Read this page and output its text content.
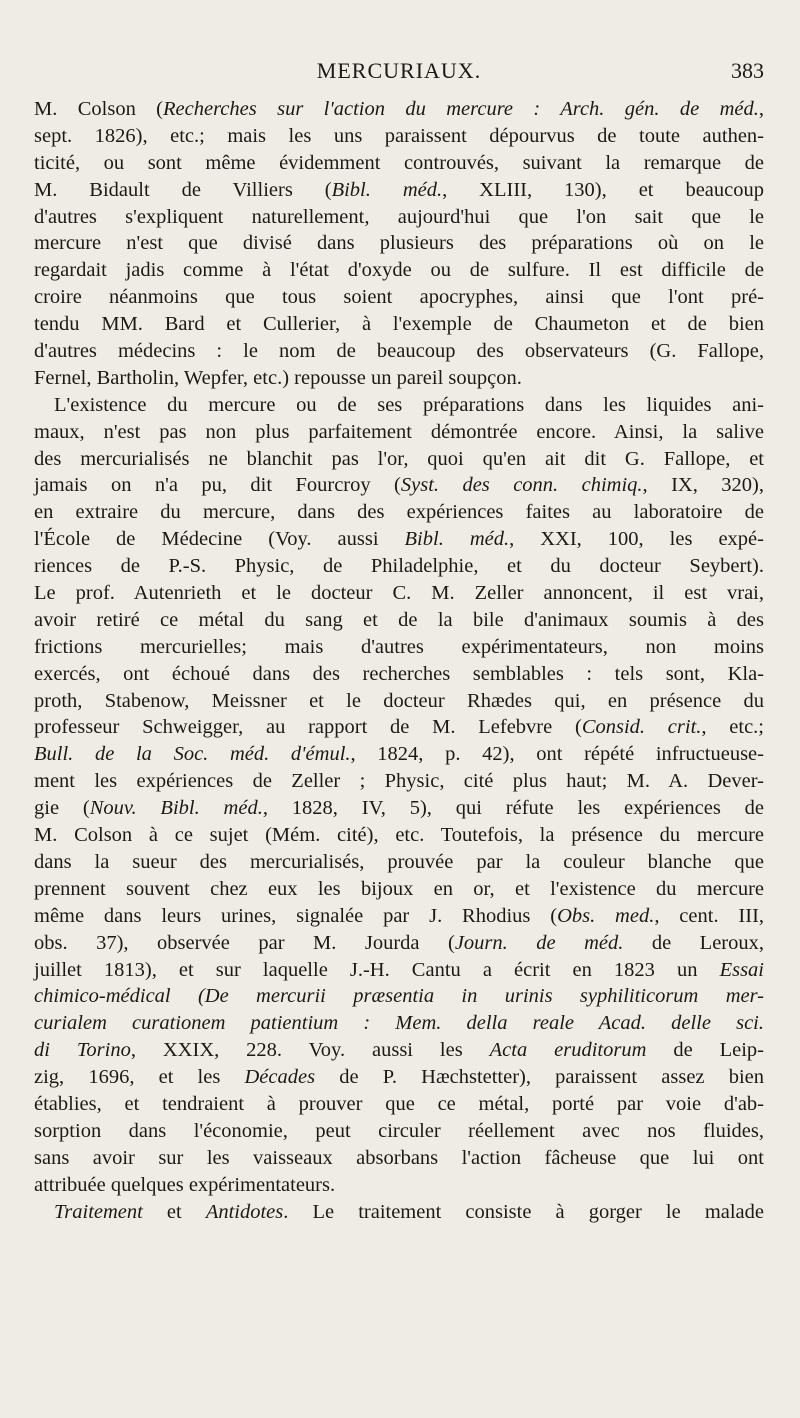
MERCURIAUX.	383
M. Colson (Recherches sur l'action du mercure : Arch. gén. de méd.,
sept. 1826), etc.; mais les uns paraissent dépourvus de toute authen-
ticité, ou sont même évidemment controuvés, suivant la remarque de
M. Bidault de Villiers (Bibl. méd., XLIII, 130), et beaucoup
d'autres s'expliquent naturellement, aujourd'hui que l'on sait que le
mercure n'est que divisé dans plusieurs des préparations où on le
regardait jadis comme à l'état d'oxyde ou de sulfure. Il est difficile de
croire néanmoins que tous soient apocryphes, ainsi que l'ont pré-
tendu MM. Bard et Cullerier, à l'exemple de Chaumeton et de bien
d'autres médecins : le nom de beaucoup des observateurs (G. Fallope,
Fernel, Bartholin, Wepfer, etc.) repousse un pareil soupçon.
L'existence du mercure ou de ses préparations dans les liquides ani-
maux, n'est pas non plus parfaitement démontrée encore. Ainsi, la salive
des mercurialisés ne blanchit pas l'or, quoi qu'en ait dit G. Fallope, et
jamais on n'a pu, dit Fourcroy (Syst. des conn. chimiq., IX, 320),
en extraire du mercure, dans des expériences faites au laboratoire de
l'École de Médecine (Voy. aussi Bibl. méd., XXI, 100, les expé-
riences de P.-S. Physic, de Philadelphie, et du docteur Seybert).
Le prof. Autenrieth et le docteur C. M. Zeller annoncent, il est vrai,
avoir retiré ce métal du sang et de la bile d'animaux soumis à des
frictions mercurielles; mais d'autres expérimentateurs, non moins
exercés, ont échoué dans des recherches semblables : tels sont, Kla-
proth, Stabenow, Meissner et le docteur Rhædes qui, en présence du
professeur Schweigger, au rapport de M. Lefebvre (Consid. crit., etc.;
Bull. de la Soc. méd. d'émul., 1824, p. 42), ont répété infructueuse-
ment les expériences de Zeller ; Physic, cité plus haut; M. A. Dever-
gie (Nouv. Bibl. méd., 1828, IV, 5), qui réfute les expériences de
M. Colson à ce sujet (Mém. cité), etc. Toutefois, la présence du mercure
dans la sueur des mercurialisés, prouvée par la couleur blanche que
prennent souvent chez eux les bijoux en or, et l'existence du mercure
même dans leurs urines, signalée par J. Rhodius (Obs. med., cent. III,
obs. 37), observée par M. Jourda (Journ. de méd. de Leroux,
juillet 1813), et sur laquelle J.-H. Cantu a écrit en 1823 un Essai
chimico-médical (De mercurii præsentia in urinis syphiliticorum mer-
curialem curationem patientium : Mem. della reale Acad. delle sci.
di Torino, XXIX, 228. Voy. aussi les Acta eruditorum de Leip-
zig, 1696, et les Décades de P. Hæchstetter), paraissent assez bien
établies, et tendraient à prouver que ce métal, porté par voie d'ab-
sorption dans l'économie, peut circuler réellement avec nos fluides,
sans avoir sur les vaisseaux absorbans l'action fâcheuse que lui ont
attribuée quelques expérimentateurs.
Traitement et Antidotes. Le traitement consiste à gorger le malade
